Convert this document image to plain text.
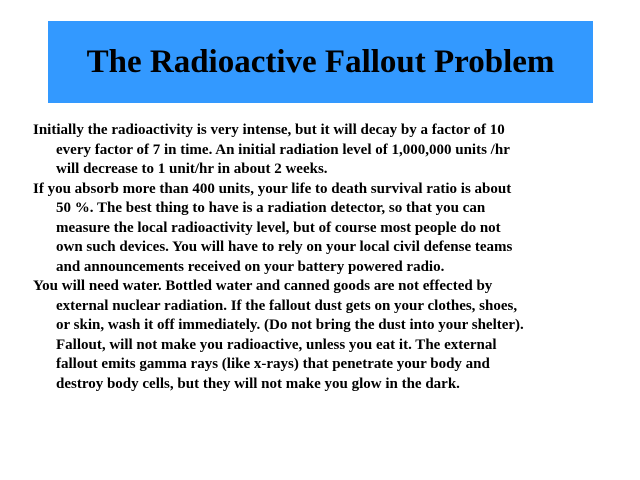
The Radioactive Fallout Problem

Initially the radioactivity is very intense, but it will decay by a factor of 10
every factor of 7 in time. An initial radiation level of 1,000,000 units /hr
will decrease to 1 unit/hr in about 2 weeks.

If you absorb more than 400 units, your life to death survival ratio is about
50 %. The best thing to have is a radiation detector, so that you can
measure the local radioactivity level, but of course most people do not
own such devices. You will have to rely on your local civil defense teams
and announcements received on your battery powered radio.

You will need water. Bottled water and canned goods are not effected by
external nuclear radiation. If the fallout dust gets on your clothes, shoes,
or skin, wash it off immediately. (Do not bring the dust into your shelter).
Fallout, will not make you radioactive, unless you eat it. The external
fallout emits gamma rays (like x-rays) that penetrate your body and
destroy body cells, but they will not make you glow in the dark.
